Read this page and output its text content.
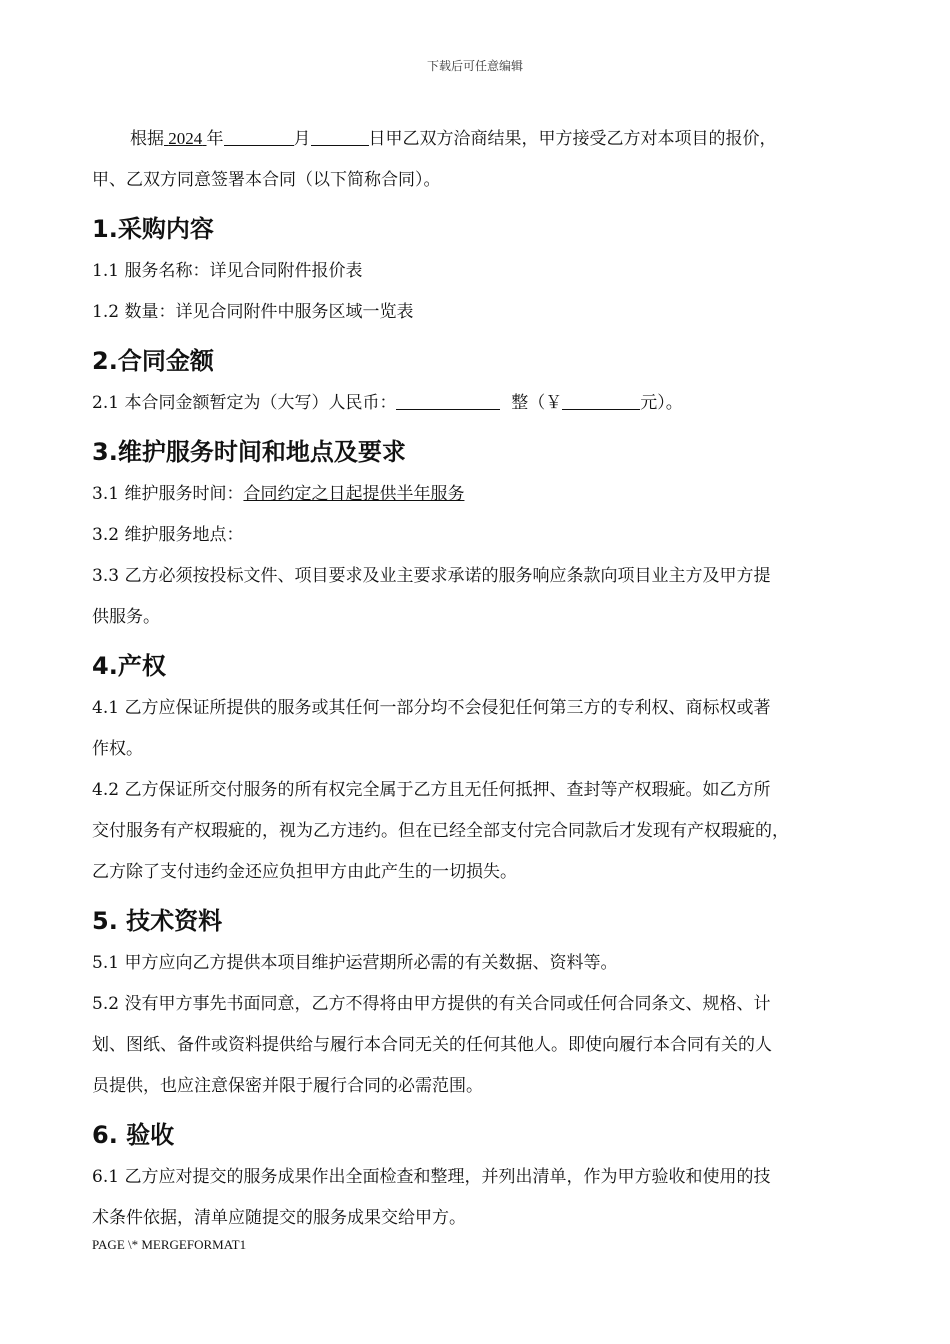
下载后可任意编辑

根据 2024 年	月	日甲乙双方洽商结果，甲方接受乙方对本项目的报价，

甲、乙双方同意签署本合同（以下简称合同）。

1.采购内容

1.1 服务名称：详见合同附件报价表

1.2 数量：详见合同附件中服务区域一览表

2.合同金额

2.1 本合同金额暂定为（大写）人民币：	整（￥	元）。

3.维护服务时间和地点及要求

3.1 维护服务时间：合同约定之日起提供半年服务

3.2 维护服务地点：

3.3 乙方必须按投标文件、项目要求及业主要求承诺的服务响应条款向项目业主方及甲方提

供服务。

4.产权

4.1 乙方应保证所提供的服务或其任何一部分均不会侵犯任何第三方的专利权、商标权或著

作权。

4.2 乙方保证所交付服务的所有权完全属于乙方且无任何抵押、查封等产权瑕疵。如乙方所

交付服务有产权瑕疵的，视为乙方违约。但在已经全部支付完合同款后才发现有产权瑕疵的，

乙方除了支付违约金还应负担甲方由此产生的一切损失。

5. 技术资料

5.1 甲方应向乙方提供本项目维护运营期所必需的有关数据、资料等。

5.2 没有甲方事先书面同意，乙方不得将由甲方提供的有关合同或任何合同条文、规格、计

划、图纸、备件或资料提供给与履行本合同无关的任何其他人。即使向履行本合同有关的人

员提供，也应注意保密并限于履行合同的必需范围。

6. 验收

6.1 乙方应对提交的服务成果作出全面检查和整理，并列出清单，作为甲方验收和使用的技

术条件依据，清单应随提交的服务成果交给甲方。

PAGE \* MERGEFORMAT1
